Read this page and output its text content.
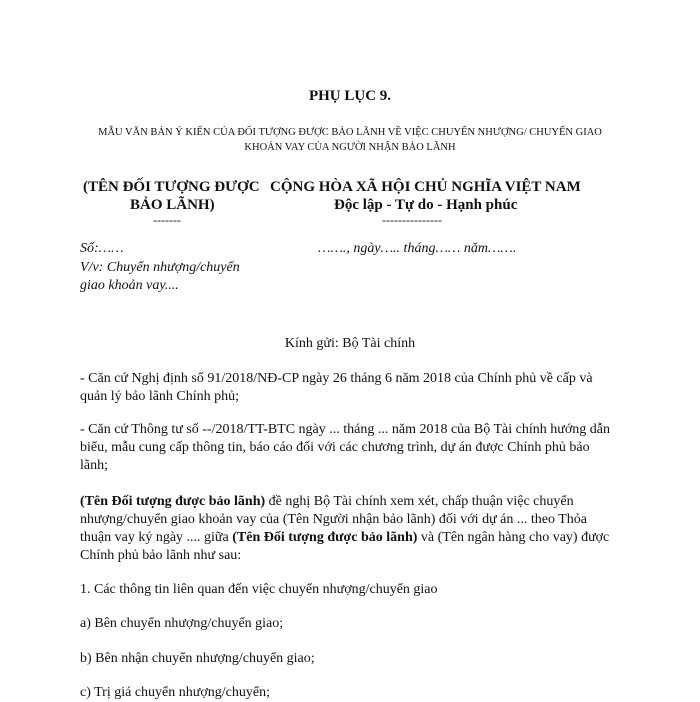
PHỤ LỤC 9.
MẪU VĂN BẢN Ý KIẾN CỦA ĐỐI TƯỢNG ĐƯỢC BẢO LÃNH VỀ VIỆC CHUYỂN NHƯỢNG/ CHUYỂN GIAO
KHOẢN VAY CỦA NGƯỜI NHẬN BẢO LÃNH
(TÊN ĐỐI TƯỢNG ĐƯỢC
BẢO LÃNH)
-------
CỘNG HÒA XÃ HỘI CHỦ NGHĨA VIỆT NAM
Độc lập - Tự do - Hạnh phúc
---------------
Số:……	……., ngày….. tháng…… năm…….
V/v: Chuyển nhượng/chuyển
giao khoản vay....
Kính gửi: Bộ Tài chính
- Căn cứ Nghị định số 91/2018/NĐ-CP ngày 26 tháng 6 năm 2018 của Chính phủ về cấp và quản lý bảo lãnh Chính phủ;
- Căn cứ Thông tư số --/2018/TT-BTC ngày ... tháng ... năm 2018 của Bộ Tài chính hướng dẫn biểu, mẫu cung cấp thông tin, báo cáo đối với các chương trình, dự án được Chính phủ bảo lãnh;
(Tên Đối tượng được bảo lãnh) đề nghị Bộ Tài chính xem xét, chấp thuận việc chuyển nhượng/chuyển giao khoản vay của (Tên Người nhận bảo lãnh) đối với dự án ... theo Thỏa thuận vay ký ngày .... giữa (Tên Đối tượng được bảo lãnh) và (Tên ngân hàng cho vay) được Chính phủ bảo lãnh như sau:
1. Các thông tin liên quan đến việc chuyển nhượng/chuyển giao
a) Bên chuyển nhượng/chuyển giao;
b) Bên nhận chuyển nhượng/chuyển giao;
c) Trị giá chuyển nhượng/chuyển;
